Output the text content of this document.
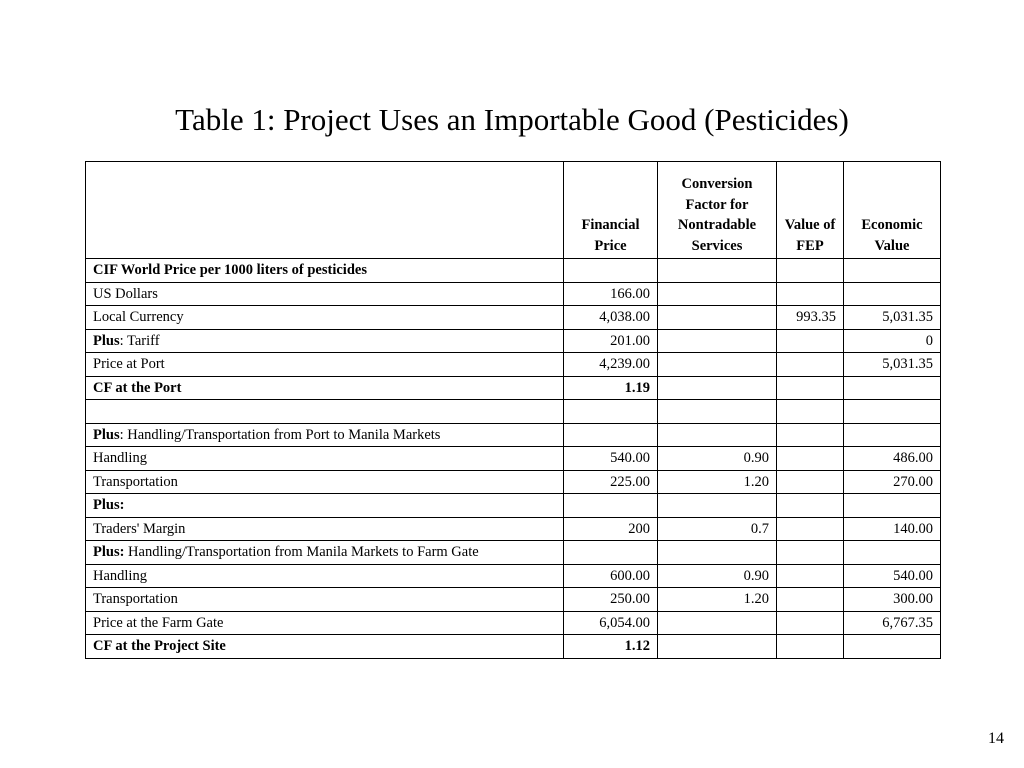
Table 1: Project Uses an Importable Good (Pesticides)
	Financial Price	Conversion Factor for Nontradable Services	Value of FEP	Economic Value
CIF World Price per 1000 liters of pesticides				
US Dollars	166.00			
Local Currency	4,038.00		993.35	5,031.35
Plus: Tariff	201.00			0
Price at Port	4,239.00			5,031.35
CF at the Port	1.19			

Plus: Handling/Transportation from Port to Manila Markets				
Handling	540.00	0.90		486.00
Transportation	225.00	1.20		270.00
Plus:				
Traders' Margin	200	0.7		140.00
Plus: Handling/Transportation from Manila Markets to Farm Gate				
Handling	600.00	0.90		540.00
Transportation	250.00	1.20		300.00
Price at the Farm Gate	6,054.00			6,767.35
CF at the Project Site	1.12			
14
